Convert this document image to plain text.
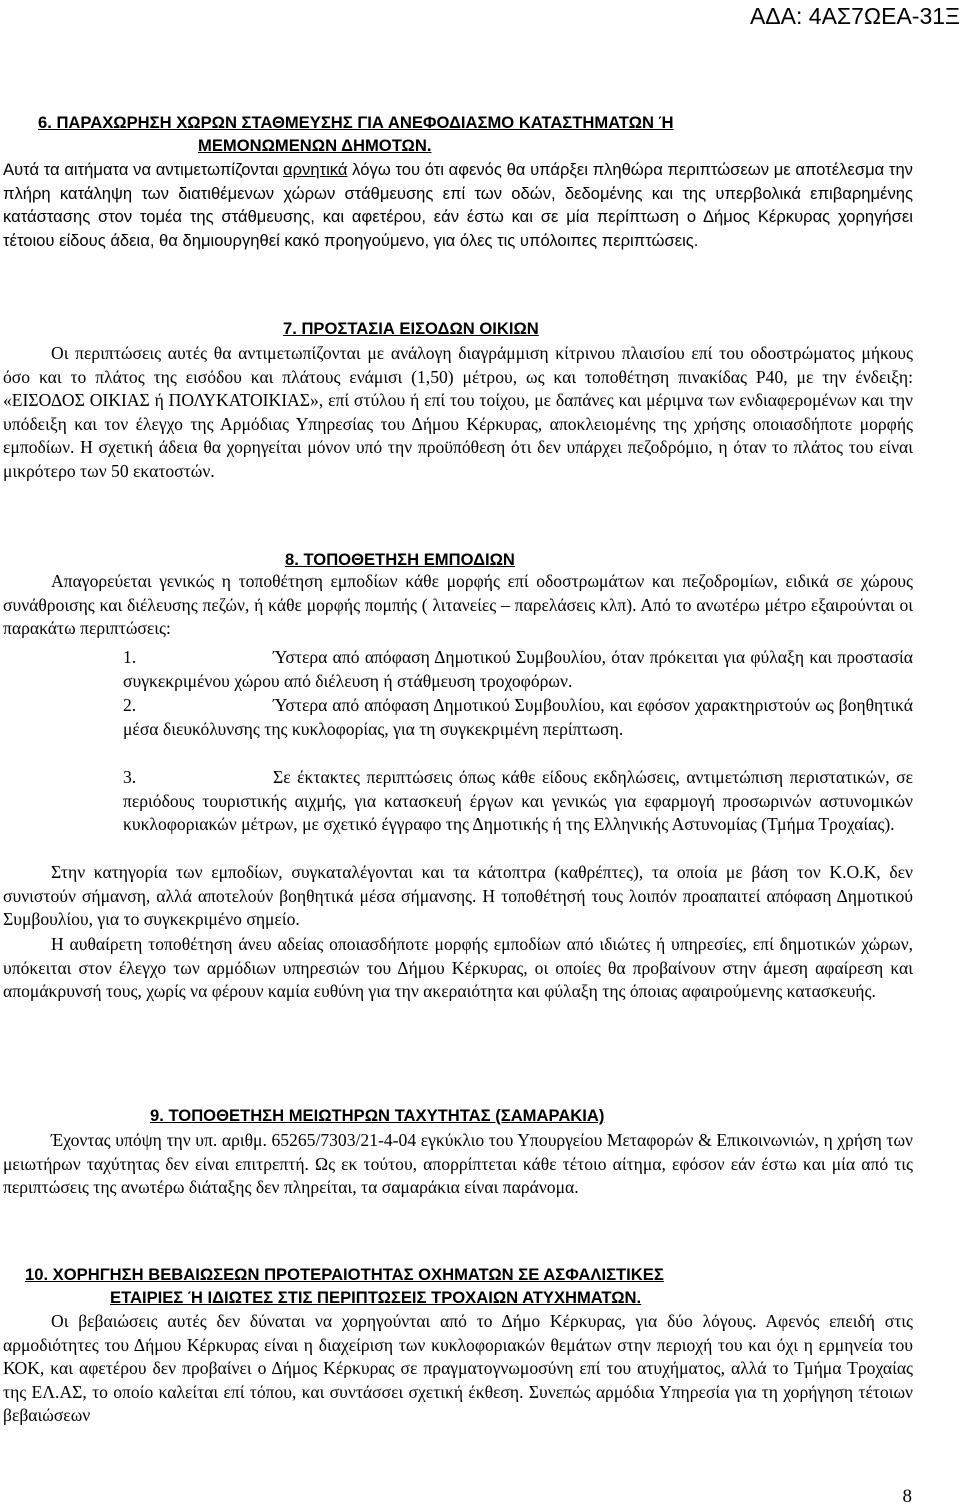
ΑΔΑ: 4ΑΣ7ΩΕΑ-31Ξ
6. ΠΑΡΑΧΩΡΗΣΗ ΧΩΡΩΝ ΣΤΑΘΜΕΥΣΗΣ ΓΙΑ ΑΝΕΦΟΔΙΑΣΜΟ ΚΑΤΑΣΤΗΜΑΤΩΝ Ή
ΜΕΜΟΝΩΜΕΝΩΝ ΔΗΜΟΤΩΝ.

Αυτά τα αιτήματα να αντιμετωπίζονται αρνητικά λόγω του ότι αφενός θα υπάρξει πληθώρα περιπτώσεων με αποτέλεσμα την πλήρη κατάληψη των διατιθέμενων χώρων στάθμευσης επί των οδών, δεδομένης και της υπερβολικά επιβαρημένης κατάστασης στον τομέα της στάθμευσης, και αφετέρου, εάν έστω και σε μία περίπτωση ο Δήμος Κέρκυρας χορηγήσει τέτοιου είδους άδεια, θα δημιουργηθεί κακό προηγούμενο, για όλες τις υπόλοιπες περιπτώσεις.

7. ΠΡΟΣΤΑΣΙΑ ΕΙΣΟΔΩΝ ΟΙΚΙΩΝ

Οι περιπτώσεις αυτές θα αντιμετωπίζονται με ανάλογη διαγράμμιση κίτρινου πλαισίου επί του οδοστρώματος μήκους όσο και το πλάτος της εισόδου και πλάτους ενάμισι (1,50) μέτρου, ως και τοποθέτηση πινακίδας Ρ40, με την ένδειξη: «ΕΙΣΟΔΟΣ ΟΙΚΙΑΣ ή ΠΟΛΥΚΑΤΟΙΚΙΑΣ», επί στύλου ή επί του τοίχου, με δαπάνες και μέριμνα των ενδιαφερομένων και την υπόδειξη και τον έλεγχο της Αρμόδιας Υπηρεσίας του Δήμου Κέρκυρας, αποκλειομένης της χρήσης οποιασδήποτε μορφής εμποδίων. Η σχετική άδεια θα χορηγείται μόνον υπό την προϋπόθεση ότι δεν υπάρχει πεζοδρόμιο, η όταν το πλάτος του είναι μικρότερο των 50 εκατοστών.

8. ΤΟΠΟΘΕΤΗΣΗ ΕΜΠΟΔΙΩΝ

Απαγορεύεται γενικώς η τοποθέτηση εμποδίων κάθε μορφής επί οδοστρωμάτων και πεζοδρομίων, ειδικά σε χώρους συνάθροισης και διέλευσης πεζών, ή κάθε μορφής πομπής ( λιτανείες – παρελάσεις κλπ). Από το ανωτέρω μέτρο εξαιρούνται οι παρακάτω περιπτώσεις:

1.	Ύστερα από απόφαση Δημοτικού Συμβουλίου, όταν πρόκειται για φύλαξη και προστασία συγκεκριμένου χώρου από διέλευση ή στάθμευση τροχοφόρων.

2.	Ύστερα από απόφαση Δημοτικού Συμβουλίου, και εφόσον χαρακτηριστούν ως βοηθητικά μέσα διευκόλυνσης της κυκλοφορίας, για τη συγκεκριμένη περίπτωση.

3.	Σε έκτακτες περιπτώσεις όπως κάθε είδους εκδηλώσεις, αντιμετώπιση περιστατικών, σε περιόδους τουριστικής αιχμής, για κατασκευή έργων και γενικώς για εφαρμογή προσωρινών αστυνομικών κυκλοφοριακών μέτρων, με σχετικό έγγραφο της Δημοτικής ή της Ελληνικής Αστυνομίας (Τμήμα Τροχαίας).

Στην κατηγορία των εμποδίων, συγκαταλέγονται και τα κάτοπτρα (καθρέπτες), τα οποία με βάση τον Κ.Ο.Κ, δεν συνιστούν σήμανση, αλλά αποτελούν βοηθητικά μέσα σήμανσης. Η τοποθέτησή τους λοιπόν προαπαιτεί απόφαση Δημοτικού Συμβουλίου, για το συγκεκριμένο σημείο.

Η αυθαίρετη τοποθέτηση άνευ αδείας οποιασδήποτε μορφής εμποδίων από ιδιώτες ή υπηρεσίες, επί δημοτικών χώρων, υπόκειται στον έλεγχο των αρμόδιων υπηρεσιών του Δήμου Κέρκυρας, οι οποίες θα προβαίνουν στην άμεση αφαίρεση και απομάκρυνσή τους, χωρίς να φέρουν καμία ευθύνη για την ακεραιότητα και φύλαξη της όποιας αφαιρούμενης κατασκευής.

9. ΤΟΠΟΘΕΤΗΣΗ ΜΕΙΩΤΗΡΩΝ ΤΑΧΥΤΗΤΑΣ (ΣΑΜΑΡΑΚΙΑ)

Έχοντας υπόψη την υπ. αριθμ. 65265/7303/21-4-04 εγκύκλιο του Υπουργείου Μεταφορών & Επικοινωνιών, η χρήση των μειωτήρων ταχύτητας δεν είναι επιτρεπτή. Ως εκ τούτου, απορρίπτεται κάθε τέτοιο αίτημα, εφόσον εάν έστω και μία από τις περιπτώσεις της ανωτέρω διάταξης δεν πληρείται, τα σαμαράκια είναι παράνομα.

10. ΧΟΡΗΓΗΣΗ ΒΕΒΑΙΩΣΕΩΝ ΠΡΟΤΕΡΑΙΟΤΗΤΑΣ ΟΧΗΜΑΤΩΝ ΣΕ ΑΣΦΑΛΙΣΤΙΚΕΣ
ΕΤΑΙΡΙΕΣ Ή ΙΔΙΩΤΕΣ ΣΤΙΣ ΠΕΡΙΠΤΩΣΕΙΣ ΤΡΟΧΑΙΩΝ ΑΤΥΧΗΜΑΤΩΝ.

Οι βεβαιώσεις αυτές δεν δύναται να χορηγούνται από το Δήμο Κέρκυρας, για δύο λόγους. Αφενός επειδή στις αρμοδιότητες του Δήμου Κέρκυρας είναι η διαχείριση των κυκλοφοριακών θεμάτων στην περιοχή του και όχι η ερμηνεία του ΚΟΚ, και αφετέρου δεν προβαίνει ο Δήμος Κέρκυρας σε πραγματογνωμοσύνη επί του ατυχήματος, αλλά το Τμήμα Τροχαίας της ΕΛ.ΑΣ, το οποίο καλείται επί τόπου, και συντάσσει σχετική έκθεση. Συνεπώς αρμόδια Υπηρεσία για τη χορήγηση τέτοιων βεβαιώσεων

8
